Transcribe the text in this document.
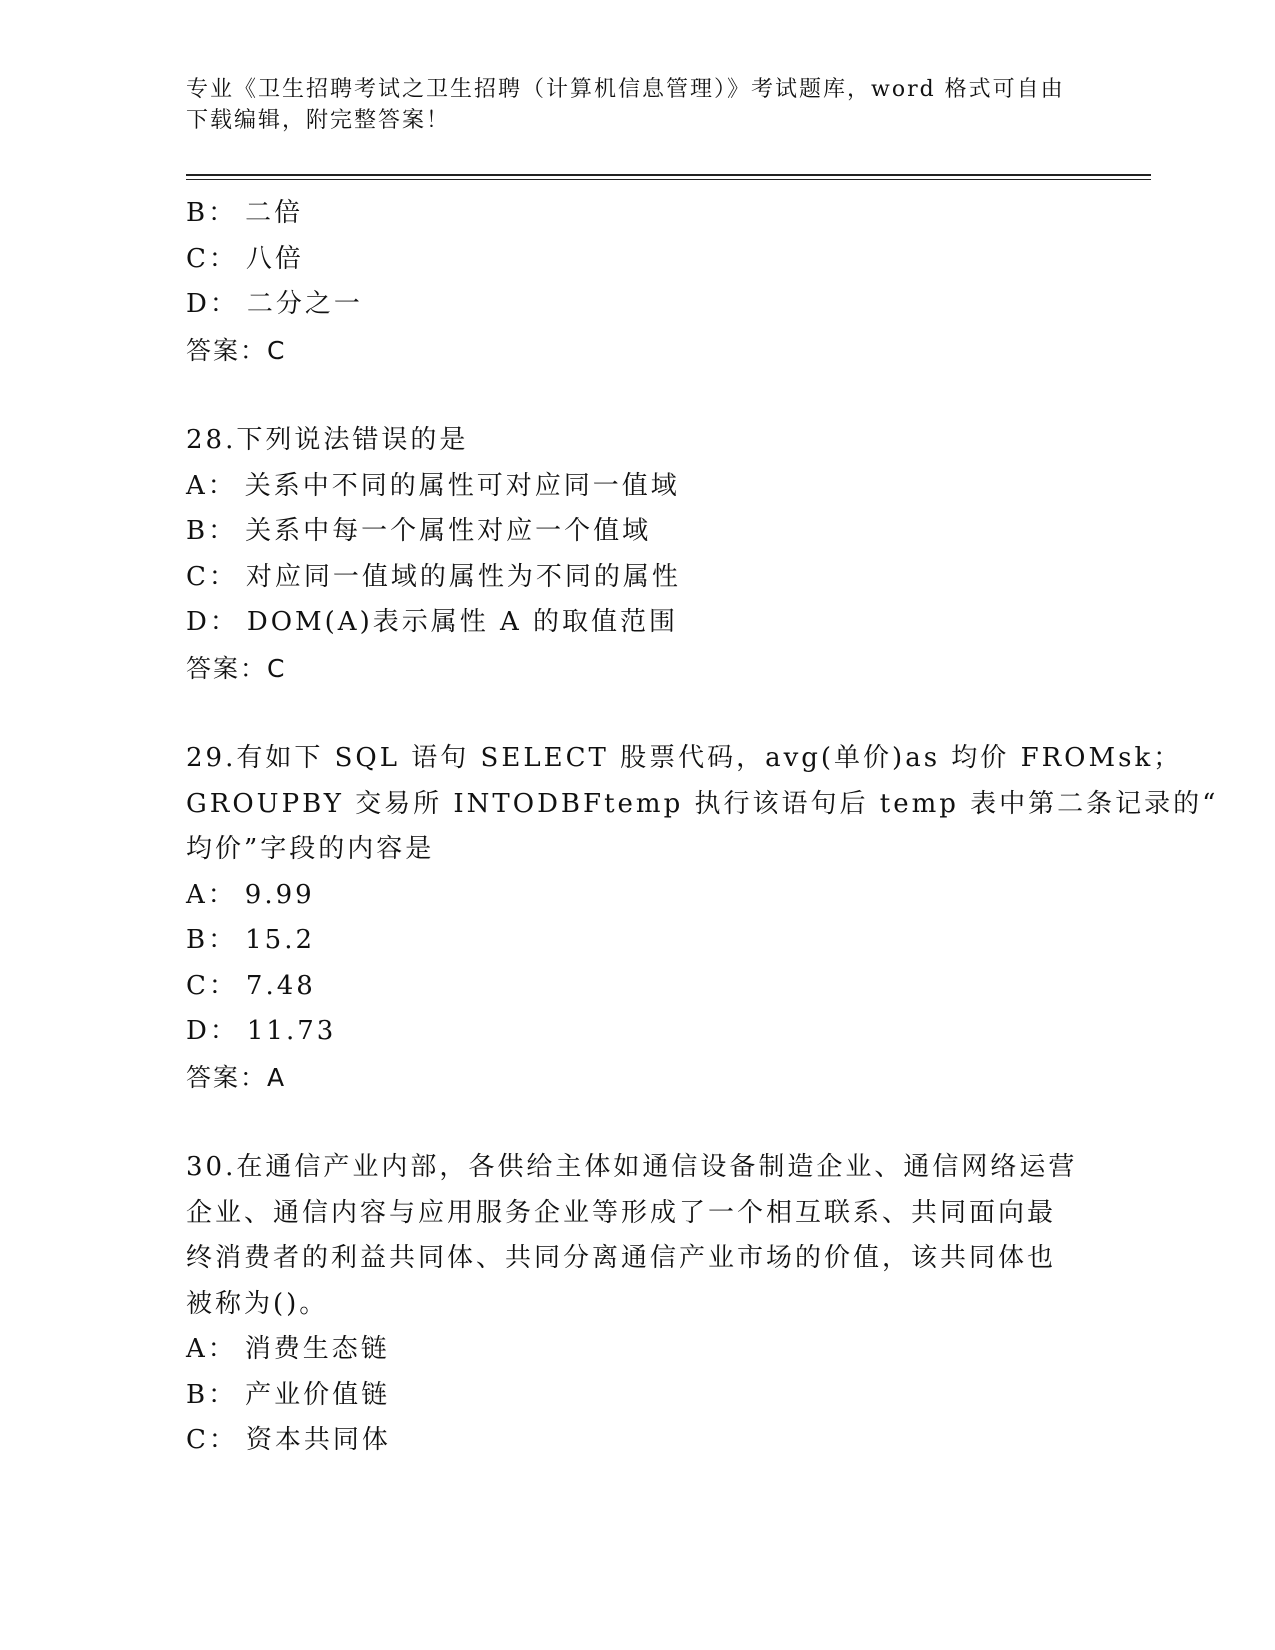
专业《卫生招聘考试之卫生招聘（计算机信息管理）》考试题库，word 格式可自由下载编辑，附完整答案！
B： 二倍
C： 八倍
D： 二分之一
答案：C
28.下列说法错误的是
A： 关系中不同的属性可对应同一值域
B： 关系中每一个属性对应一个值域
C： 对应同一值域的属性为不同的属性
D： DOM(A)表示属性 A 的取值范围
答案：C
29.有如下 SQL 语句 SELECT 股票代码，avg(单价)as 均价 FROMsk；
GROUPBY 交易所 INTODBFtemp 执行该语句后 temp 表中第二条记录的“
均价”字段的内容是
A： 9.99
B： 15.2
C： 7.48
D： 11.73
答案：A
30.在通信产业内部，各供给主体如通信设备制造企业、通信网络运营
企业、通信内容与应用服务企业等形成了一个相互联系、共同面向最
终消费者的利益共同体、共同分离通信产业市场的价值，该共同体也
被称为()。
A： 消费生态链
B： 产业价值链
C： 资本共同体
